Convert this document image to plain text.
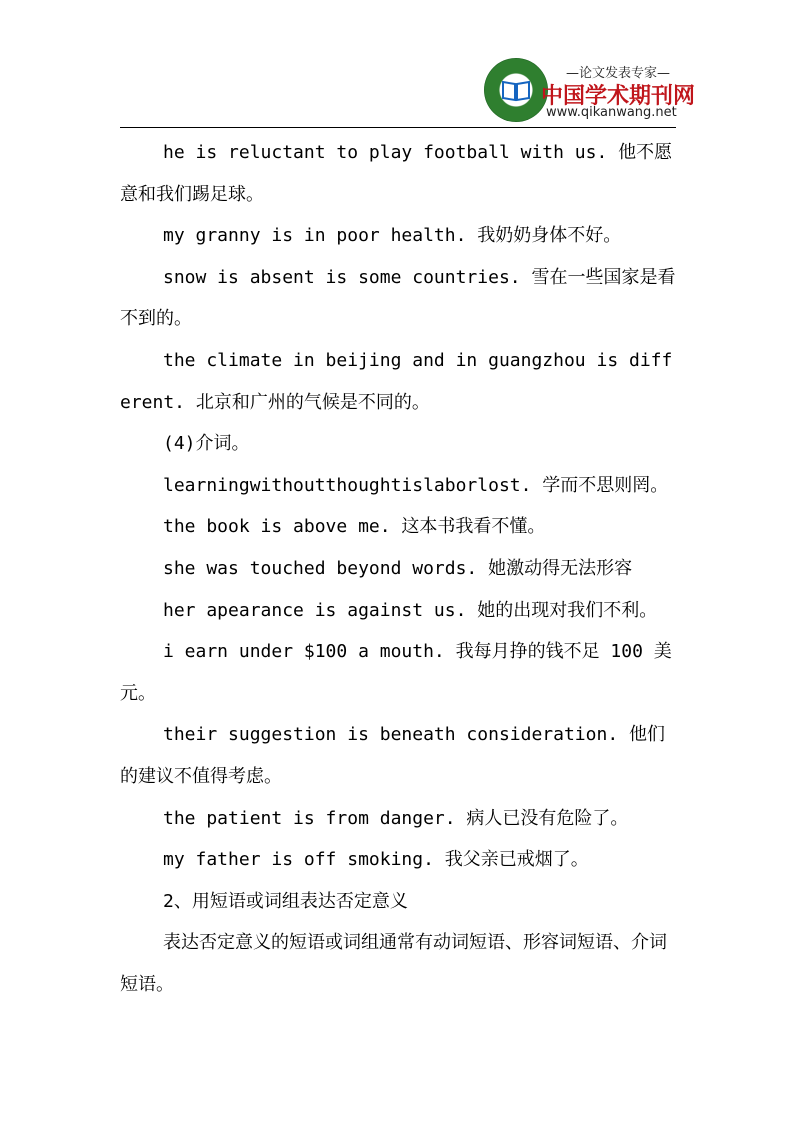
—论文发表专家—
中国学术期刊网
www.qikanwang.net

he is reluctant to play football with us. 他不愿意和我们踢足球。

my granny is in poor health. 我奶奶身体不好。

snow is absent is some countries. 雪在一些国家是看不到的。

the climate in beijing and in guangzhou is different. 北京和广州的气候是不同的。

(4)介词。

learningwithoutthoughtislaborlost. 学而不思则罔。

the book is above me. 这本书我看不懂。

she was touched beyond words. 她激动得无法形容

her apearance is against us. 她的出现对我们不利。

i earn under $100 a mouth. 我每月挣的钱不足 100 美元。

their suggestion is beneath consideration. 他们的建议不值得考虑。

the patient is from danger. 病人已没有危险了。

my father is off smoking. 我父亲已戒烟了。

2、用短语或词组表达否定意义

表达否定意义的短语或词组通常有动词短语、形容词短语、介词短语。
